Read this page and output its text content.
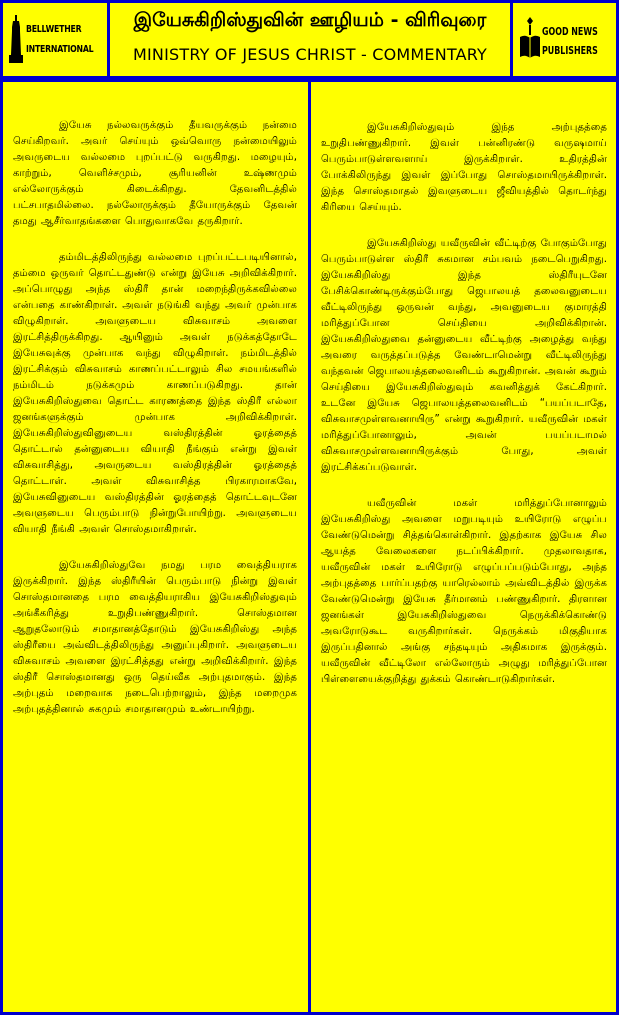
BELLWETHER
INTERNATIONAL
இயேசுகிறிஸ்துவின் ஊழியம் - விரிவுரை
MINISTRY OF JESUS CHRIST - COMMENTARY
GOOD NEWS
PUBLISHERS

இயேசு நல்லவருக்கும் தீயவருக்கும் நன்மை செய்கிறவர். அவர் செய்யும் ஒவ்வொரு நன்மையிலும் அவருடைய வல்லமை புறப்பட்டு வருகிறது. மழையும், காற்றும், வெளிச்சமும், சூரியனின் உஷ்ணமும் எல்லோருக்கும் கிடைக்கிறது. தேவனிடத்தில் பட்சபாதமில்லை. நல்லோருக்கும் தீயோருக்கும் தேவன் தமது ஆசீர்வாதங்களை பொதுவாகவே தருகிறார்.

தம்மிடத்திலிருந்து வல்லமை புறப்பட்டபடியினால், தம்மை ஒருவர் தொட்டதுண்டு என்று இயேசு அறிவிக்கிறார். அப்பொழுது அந்த ஸ்திரீ தான் மறைந்திருக்கவில்லை என்பதை காண்கிறாள். அவள் நடுங்கி வந்து அவர் முன்பாக விழுகிறாள். அவளுடைய விசுவாசம் அவளை இரட்சித்திருக்கிறது. ஆயினும் அவள் நடுக்கத்தோடே இயேசுவுக்கு முன்பாக வந்து விழுகிறாள். நம்மிடத்தில் இரட்சிக்கும் விசுவாசம் காணப்பட்டாலும் சில சமயங்களில் நம்மிடம் நடுக்கமும் காணப்படுகிறது. தான் இயேசுகிறிஸ்துவை தொட்ட காரணத்தை இந்த ஸ்திரீ எல்லா ஜனங்களுக்கும் முன்பாக அறிவிக்கிறாள். இயேசுகிறிஸ்துவினுடைய வஸ்திரத்தின் ஓரத்தைத் தொட்டால் தன்னுடைய வியாதி நீங்கும் என்று இவள் விசுவாசித்து, அவருடைய வஸ்திரத்தின் ஓரத்தைத் தொட்டாள். அவள் விசுவாசித்த பிரகாரமாகவே, இயேசுவினுடைய வஸ்திரத்தின் ஓரத்தைத் தொட்டவுடனே அவளுடைய பெரும்பாடு நின்றுபோயிற்று. அவளுடைய வியாதி நீங்கி அவள் சொஸ்தமாகிறாள்.

இயேசுகிறிஸ்துவே நமது பரம வைத்தியராக இருக்கிறார். இந்த ஸ்திரீயின் பெரும்பாடு நின்று இவள் சொஸ்தமானதை பரம வைத்தியராகிய இயேசுகிறிஸ்துவும் அங்கீகரித்து உறுதிபண்ணுகிறார். சொஸ்தமான ஆறுதலோடும் சமாதானத்தோடும் இயேசுகிறிஸ்து அந்த ஸ்திரீயை அவ்விடத்திலிருந்து அனுப்புகிறார். அவளுடைய விசுவாசம் அவளை இரட்சித்தது என்று அறிவிக்கிறார். இந்த ஸ்திரீ சொஸ்தமானது ஒரு தெய்வீக அற்புதமாகும். இந்த அற்புதம் மறைவாக நடைபெற்றாலும், இந்த மறைமுக அற்புதத்தினால் சுகமும் சமாதானமும் உண்டாயிற்று.

இயேசுகிறிஸ்துவும் இந்த அற்புதத்தை உறுதிபண்ணுகிறார். இவள் பன்னிரண்டு வருஷமாய் பெரும்பாடுள்ளவளாய் இருக்கிறாள். உதிரத்தின் போக்கிலிருந்து இவள் இப்போது சொஸ்தமாயிருக்கிறாள். இந்த சொஸ்தமாதல் இவளுடைய ஜீவியத்தில் தொடர்ந்து கிரியை செய்யும்.

இயேசுகிறிஸ்து யவீருவின் வீட்டிற்கு போகும்போது பெரும்பாடுள்ள ஸ்திரீ சுகமான சம்பவம் நடைபெறுகிறது. இயேசுகிறிஸ்து இந்த ஸ்திரீயுடனே பேசிக்கொண்டிருக்கும்போது ஜெபாலயத் தலைவனுடைய வீட்டிலிருந்து ஒருவன் வந்து, அவனுடைய குமாரத்தி மரித்துப்போன செய்தியை அறிவிக்கிறான். இயேசுகிறிஸ்துவை தன்னுடைய வீட்டிற்கு அழைத்து வந்து அவரை வருத்தப்படுத்த வேண்டாமென்று வீட்டிலிருந்து வந்தவன் ஜெபாலயத்தலைவனிடம் கூறுகிறான். அவன் கூறும் செய்தியை இயேசுகிறிஸ்துவும் கவனித்துக் கேட்கிறார். உடனே இயேசு ஜெபாலயத்தலைவனிடம் “பயப்படாதே, விசுவாசமுள்ளவனாயிரு” என்று கூறுகிறார். யவீருவின் மகள் மரித்துப்போனாலும், அவன் பயப்படாமல் விசுவாசமுள்ளவனாயிருக்கும் போது, அவள் இரட்சிக்கப்படுவாள்.

யவீருவின் மகள் மரித்துப்போனாலும் இயேசுகிறிஸ்து அவளை மறுபடியும் உயிரோடு எழுப்ப வேண்டுமென்று சித்தங்கொள்கிறார். இதற்காக இயேசு சில ஆயத்த வேலைகளை நடப்பிக்கிறார். முதலாவதாக, யவீருவின் மகள் உயிரோடு எழுப்பப்படும்போது, அந்த அற்புதத்தை பார்ப்பதற்கு யாரெல்லாம் அவ்விடத்தில் இருக்க வேண்டுமென்று இயேசு தீர்மானம் பண்ணுகிறார். திரளான ஜனங்கள் இயேசுகிறிஸ்துவை நெருக்கிக்கொண்டு அவரோடுகூட வருகிறார்கள். நெருக்கம் மிகுதியாக இருப்பதினால் அங்கு சந்தடியும் அதிகமாக இருக்கும். யவீருவின் வீட்டிலோ எல்லோரும் அழுது மரித்துப்போன பிள்ளையைக்குறித்து துக்கம் கொண்டாடுகிறார்கள்.
